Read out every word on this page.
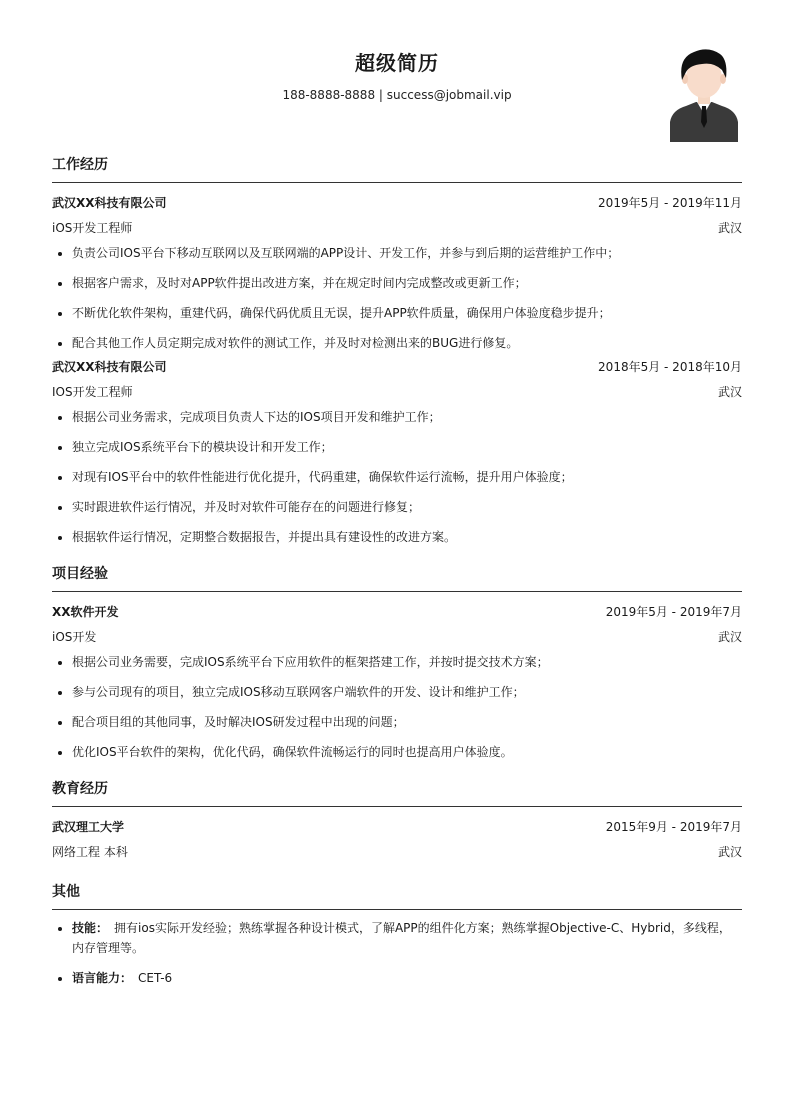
超级简历
188-8888-8888 | success@jobmail.vip
工作经历
武汉XX科技有限公司	2019年5月 - 2019年11月
iOS开发工程师	武汉
• 负责公司IOS平台下移动互联网以及互联网端的APP设计、开发工作，并参与到后期的运营维护工作中；
• 根据客户需求，及时对APP软件提出改进方案，并在规定时间内完成整改或更新工作；
• 不断优化软件架构，重建代码，确保代码优质且无误，提升APP软件质量，确保用户体验度稳步提升；
• 配合其他工作人员定期完成对软件的测试工作，并及时对检测出来的BUG进行修复。
武汉XX科技有限公司	2018年5月 - 2018年10月
IOS开发工程师	武汉
• 根据公司业务需求，完成项目负责人下达的IOS项目开发和维护工作；
• 独立完成IOS系统平台下的模块设计和开发工作；
• 对现有IOS平台中的软件性能进行优化提升，代码重建，确保软件运行流畅，提升用户体验度；
• 实时跟进软件运行情况，并及时对软件可能存在的问题进行修复；
• 根据软件运行情况，定期整合数据报告，并提出具有建设性的改进方案。
项目经验
XX软件开发	2019年5月 - 2019年7月
iOS开发	武汉
• 根据公司业务需要，完成IOS系统平台下应用软件的框架搭建工作，并按时提交技术方案；
• 参与公司现有的项目，独立完成IOS移动互联网客户端软件的开发、设计和维护工作；
• 配合项目组的其他同事，及时解决IOS研发过程中出现的问题；
• 优化IOS平台软件的架构，优化代码，确保软件流畅运行的同时也提高用户体验度。
教育经历
武汉理工大学	2015年9月 - 2019年7月
网络工程 本科	武汉
其他
• 技能： 拥有ios实际开发经验；熟练掌握各种设计模式，了解APP的组件化方案；熟练掌握Objective-C、Hybrid，多线程，内存管理等。
• 语言能力： CET-6
